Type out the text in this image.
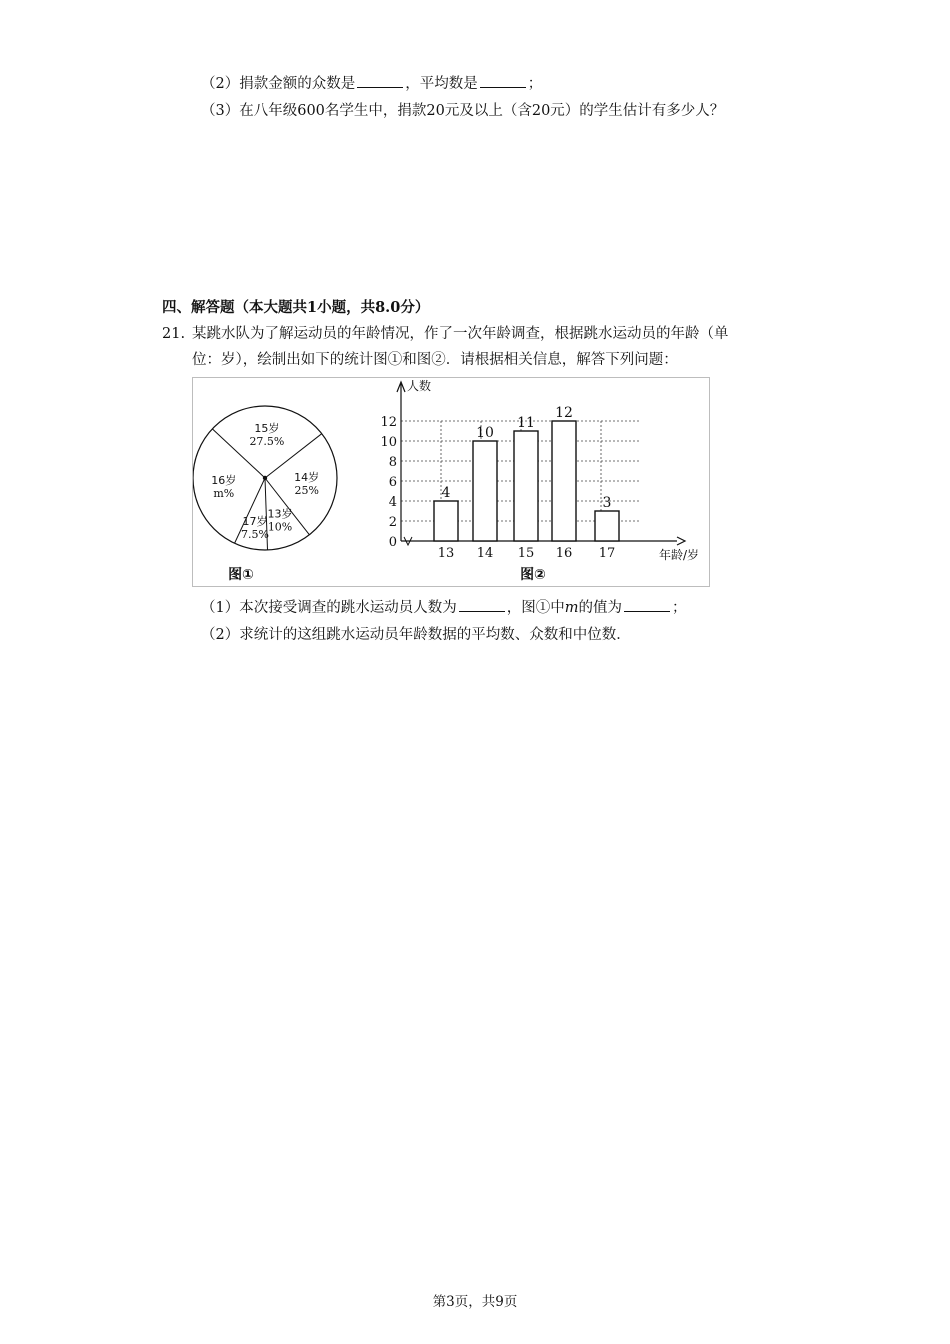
（2）捐款金额的众数是	，平均数是	；
（3）在八年级600名学生中，捐款20元及以上（含20元）的学生估计有多少人？
四、解答题（本大题共1小题，共8.0分）
21. 某跳水队为了解运动员的年龄情况，作了一次年龄调查，根据跳水运动员的年龄（单
位：岁），绘制出如下的统计图①和图②．请根据相关信息，解答下列问题：
15岁
27.5%
14岁
25%
13岁
10%
17岁
7.5%
16岁
m%
图①
0
2
4
6
8
10
12
人数
年龄/岁
4
13
10
14
11
15
12
16
3
17
图②
（1）本次接受调查的跳水运动员人数为	，图①中m的值为	；
（2）求统计的这组跳水运动员年龄数据的平均数、众数和中位数．
第3页，共9页
